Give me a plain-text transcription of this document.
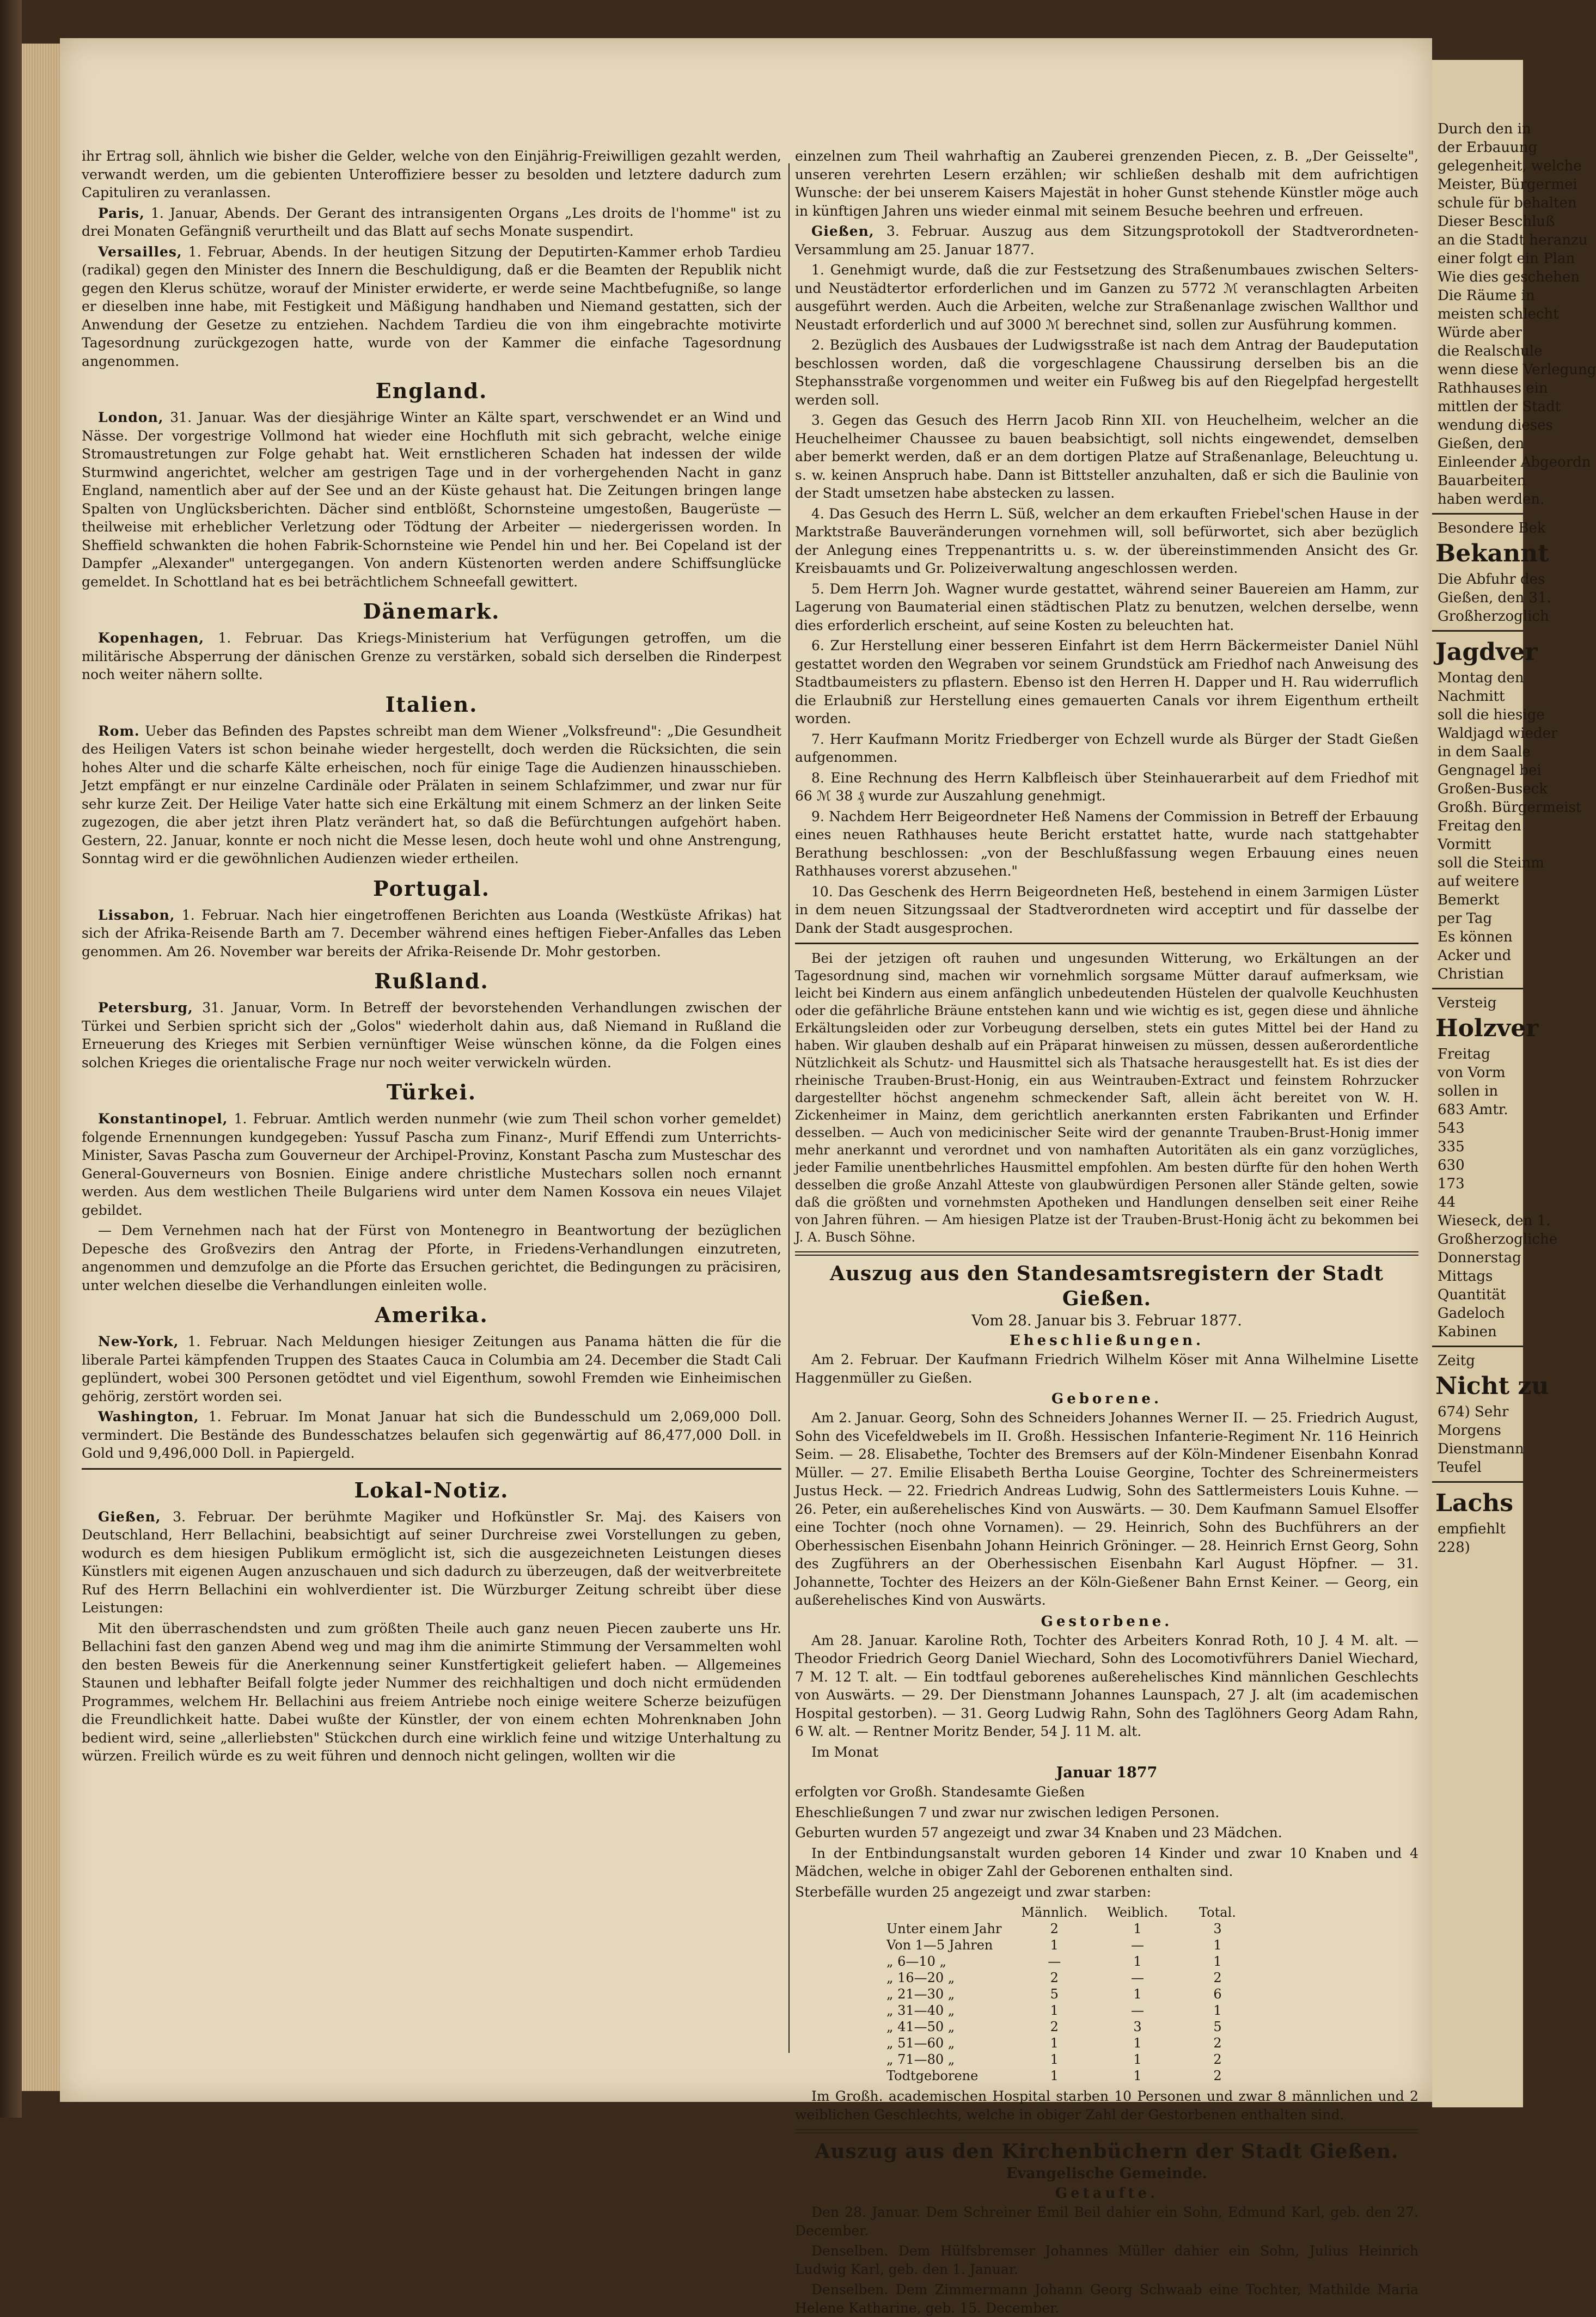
ihr Ertrag soll, ähnlich wie bisher die Gelder, welche von den Einjährig-Freiwilligen gezahlt werden, verwandt werden, um die gebienten Unteroffiziere besser zu besolden und letztere dadurch zum Capituliren zu veranlassen.

Paris, 1. Januar, Abends. Der Gerant des intransigenten Organs „Les droits de l'homme" ist zu drei Monaten Gefängniß verurtheilt und das Blatt auf sechs Monate suspendirt.

Versailles, 1. Februar, Abends. In der heutigen Sitzung der Deputirten-Kammer erhob Tardieu (radikal) gegen den Minister des Innern die Beschuldigung, daß er die Beamten der Republik nicht gegen den Klerus schütze, worauf der Minister erwiderte, er werde seine Machtbefugniße, so lange er dieselben inne habe, mit Festigkeit und Mäßigung handhaben und Niemand gestatten, sich der Anwendung der Gesetze zu entziehen. Nachdem Tardieu die von ihm eingebrachte motivirte Tagesordnung zurückgezogen hatte, wurde von der Kammer die einfache Tagesordnung angenommen.

England.

London, 31. Januar. Was der diesjährige Winter an Kälte spart, verschwendet er an Wind und Nässe. Der vorgestrige Vollmond hat wieder eine Hochfluth mit sich gebracht, welche einige Stromaustretungen zur Folge gehabt hat. Weit ernstlicheren Schaden hat indessen der wilde Sturmwind angerichtet, welcher am gestrigen Tage und in der vorhergehenden Nacht in ganz England, namentlich aber auf der See und an der Küste gehaust hat. Die Zeitungen bringen lange Spalten von Unglücksberichten. Dächer sind entblößt, Schornsteine umgestoßen, Baugerüste — theilweise mit erheblicher Verletzung oder Tödtung der Arbeiter — niedergerissen worden. In Sheffield schwankten die hohen Fabrik-Schornsteine wie Pendel hin und her. Bei Copeland ist der Dampfer „Alexander" untergegangen. Von andern Küstenorten werden andere Schiffsunglücke gemeldet. In Schottland hat es bei beträchtlichem Schneefall gewittert.

Dänemark.

Kopenhagen, 1. Februar. Das Kriegs-Ministerium hat Verfügungen getroffen, um die militärische Absperrung der dänischen Grenze zu verstärken, sobald sich derselben die Rinderpest noch weiter nähern sollte.

Italien.

Rom. Ueber das Befinden des Papstes schreibt man dem Wiener „Volksfreund": „Die Gesundheit des Heiligen Vaters ist schon beinahe wieder hergestellt, doch werden die Rücksichten, die sein hohes Alter und die scharfe Kälte erheischen, noch für einige Tage die Audienzen hinausschieben. Jetzt empfängt er nur einzelne Cardinäle oder Prälaten in seinem Schlafzimmer, und zwar nur für sehr kurze Zeit. Der Heilige Vater hatte sich eine Erkältung mit einem Schmerz an der linken Seite zugezogen, die aber jetzt ihren Platz verändert hat, so daß die Befürchtungen aufgehört haben. Gestern, 22. Januar, konnte er noch nicht die Messe lesen, doch heute wohl und ohne Anstrengung, Sonntag wird er die gewöhnlichen Audienzen wieder ertheilen.

Portugal.

Lissabon, 1. Februar. Nach hier eingetroffenen Berichten aus Loanda (Westküste Afrikas) hat sich der Afrika-Reisende Barth am 7. December während eines heftigen Fieber-Anfalles das Leben genommen. Am 26. November war bereits der Afrika-Reisende Dr. Mohr gestorben.

Rußland.

Petersburg, 31. Januar, Vorm. In Betreff der bevorstehenden Verhandlungen zwischen der Türkei und Serbien spricht sich der „Golos" wiederholt dahin aus, daß Niemand in Rußland die Erneuerung des Krieges mit Serbien vernünftiger Weise wünschen könne, da die Folgen eines solchen Krieges die orientalische Frage nur noch weiter verwickeln würden.

Türkei.

Konstantinopel, 1. Februar. Amtlich werden nunmehr (wie zum Theil schon vorher gemeldet) folgende Ernennungen kundgegeben: Yussuf Pascha zum Finanz-, Murif Effendi zum Unterrichts-Minister, Savas Pascha zum Gouverneur der Archipel-Provinz, Konstant Pascha zum Musteschar des General-Gouverneurs von Bosnien. Einige andere christliche Mustechars sollen noch ernannt werden. Aus dem westlichen Theile Bulgariens wird unter dem Namen Kossova ein neues Vilajet gebildet.

— Dem Vernehmen nach hat der Fürst von Montenegro in Beantwortung der bezüglichen Depesche des Großvezirs den Antrag der Pforte, in Friedens-Verhandlungen einzutreten, angenommen und demzufolge an die Pforte das Ersuchen gerichtet, die Bedingungen zu präcisiren, unter welchen dieselbe die Verhandlungen einleiten wolle.

Amerika.

New-York, 1. Februar. Nach Meldungen hiesiger Zeitungen aus Panama hätten die für die liberale Partei kämpfenden Truppen des Staates Cauca in Columbia am 24. December die Stadt Cali geplündert, wobei 300 Personen getödtet und viel Eigenthum, sowohl Fremden wie Einheimischen gehörig, zerstört worden sei.

Washington, 1. Februar. Im Monat Januar hat sich die Bundesschuld um 2,069,000 Doll. vermindert. Die Bestände des Bundesschatzes belaufen sich gegenwärtig auf 86,477,000 Doll. in Gold und 9,496,000 Doll. in Papiergeld.

Lokal-Notiz.

Gießen, 3. Februar. Der berühmte Magiker und Hofkünstler Sr. Maj. des Kaisers von Deutschland, Herr Bellachini, beabsichtigt auf seiner Durchreise zwei Vorstellungen zu geben, wodurch es dem hiesigen Publikum ermöglicht ist, sich die ausgezeichneten Leistungen dieses Künstlers mit eigenen Augen anzuschauen und sich dadurch zu überzeugen, daß der weitverbreitete Ruf des Herrn Bellachini ein wohlverdienter ist. Die Würzburger Zeitung schreibt über diese Leistungen:

Mit den überraschendsten und zum größten Theile auch ganz neuen Piecen zauberte uns Hr. Bellachini fast den ganzen Abend weg und mag ihm die animirte Stimmung der Versammelten wohl den besten Beweis für die Anerkennung seiner Kunstfertigkeit geliefert haben. — Allgemeines Staunen und lebhafter Beifall folgte jeder Nummer des reichhaltigen und doch nicht ermüdenden Programmes, welchem Hr. Bellachini aus freiem Antriebe noch einige weitere Scherze beizufügen die Freundlichkeit hatte. Dabei wußte der Künstler, der von einem echten Mohrenknaben John bedient wird, seine „allerliebsten" Stückchen durch eine wirklich feine und witzige Unterhaltung zu würzen. Freilich würde es zu weit führen und dennoch nicht gelingen, wollten wir die

einzelnen zum Theil wahrhaftig an Zauberei grenzenden Piecen, z. B. „Der Geisselte", unseren verehrten Lesern erzählen; wir schließen deshalb mit dem aufrichtigen Wunsche: der bei unserem Kaisers Majestät in hoher Gunst stehende Künstler möge auch in künftigen Jahren uns wieder einmal mit seinem Besuche beehren und erfreuen.

Gießen, 3. Februar. Auszug aus dem Sitzungsprotokoll der Stadtverordneten-Versammlung am 25. Januar 1877.

1. Genehmigt wurde, daß die zur Festsetzung des Straßenumbaues zwischen Selters- und Neustädtertor erforderlichen und im Ganzen zu 5772 ℳ veranschlagten Arbeiten ausgeführt werden. Auch die Arbeiten, welche zur Straßenanlage zwischen Wallthor und Neustadt erforderlich und auf 3000 ℳ berechnet sind, sollen zur Ausführung kommen.

2. Bezüglich des Ausbaues der Ludwigsstraße ist nach dem Antrag der Baudeputation beschlossen worden, daß die vorgeschlagene Chaussirung derselben bis an die Stephansstraße vorgenommen und weiter ein Fußweg bis auf den Riegelpfad hergestellt werden soll.

3. Gegen das Gesuch des Herrn Jacob Rinn XII. von Heuchelheim, welcher an die Heuchelheimer Chaussee zu bauen beabsichtigt, soll nichts eingewendet, demselben aber bemerkt werden, daß er an dem dortigen Platze auf Straßenanlage, Beleuchtung u. s. w. keinen Anspruch habe. Dann ist Bittsteller anzuhalten, daß er sich die Baulinie von der Stadt umsetzen habe abstecken zu lassen.

4. Das Gesuch des Herrn L. Süß, welcher an dem erkauften Friebel'schen Hause in der Marktstraße Bauveränderungen vornehmen will, soll befürwortet, sich aber bezüglich der Anlegung eines Treppenantritts u. s. w. der übereinstimmenden Ansicht des Gr. Kreisbauamts und Gr. Polizeiverwaltung angeschlossen werden.

5. Dem Herrn Joh. Wagner wurde gestattet, während seiner Bauereien am Hamm, zur Lagerung von Baumaterial einen städtischen Platz zu benutzen, welchen derselbe, wenn dies erforderlich erscheint, auf seine Kosten zu beleuchten hat.

6. Zur Herstellung einer besseren Einfahrt ist dem Herrn Bäckermeister Daniel Nühl gestattet worden den Wegraben vor seinem Grundstück am Friedhof nach Anweisung des Stadtbaumeisters zu pflastern. Ebenso ist den Herren H. Dapper und H. Rau widerruflich die Erlaubniß zur Herstellung eines gemauerten Canals vor ihrem Eigenthum ertheilt worden.

7. Herr Kaufmann Moritz Friedberger von Echzell wurde als Bürger der Stadt Gießen aufgenommen.

8. Eine Rechnung des Herrn Kalbfleisch über Steinhauerarbeit auf dem Friedhof mit 66 ℳ 38 ₰ wurde zur Auszahlung genehmigt.

9. Nachdem Herr Beigeordneter Heß Namens der Commission in Betreff der Erbauung eines neuen Rathhauses heute Bericht erstattet hatte, wurde nach stattgehabter Berathung beschlossen: „von der Beschlußfassung wegen Erbauung eines neuen Rathhauses vorerst abzusehen."

10. Das Geschenk des Herrn Beigeordneten Heß, bestehend in einem 3armigen Lüster in dem neuen Sitzungssaal der Stadtverordneten wird acceptirt und für dasselbe der Dank der Stadt ausgesprochen.

Bei der jetzigen oft rauhen und ungesunden Witterung, wo Erkältungen an der Tagesordnung sind, machen wir vornehmlich sorgsame Mütter darauf aufmerksam, wie leicht bei Kindern aus einem anfänglich unbedeutenden Hüstelen der qualvolle Keuchhusten oder die gefährliche Bräune entstehen kann und wie wichtig es ist, gegen diese und ähnliche Erkältungsleiden oder zur Vorbeugung derselben, stets ein gutes Mittel bei der Hand zu haben. Wir glauben deshalb auf ein Präparat hinweisen zu müssen, dessen außerordentliche Nützlichkeit als Schutz- und Hausmittel sich als Thatsache herausgestellt hat. Es ist dies der rheinische Trauben-Brust-Honig, ein aus Weintrauben-Extract und feinstem Rohrzucker dargestellter höchst angenehm schmeckender Saft, allein ächt bereitet von W. H. Zickenheimer in Mainz, dem gerichtlich anerkannten ersten Fabrikanten und Erfinder desselben. — Auch von medicinischer Seite wird der genannte Trauben-Brust-Honig immer mehr anerkannt und verordnet und von namhaften Autoritäten als ein ganz vorzügliches, jeder Familie unentbehrliches Hausmittel empfohlen. Am besten dürfte für den hohen Werth desselben die große Anzahl Atteste von glaubwürdigen Personen aller Stände gelten, sowie daß die größten und vornehmsten Apotheken und Handlungen denselben seit einer Reihe von Jahren führen. — Am hiesigen Platze ist der Trauben-Brust-Honig ächt zu bekommen bei J. A. Busch Söhne.

Auszug aus den Standesamtsregistern der Stadt Gießen.
Vom 28. Januar bis 3. Februar 1877.
Eheschließungen.

Am 2. Februar. Der Kaufmann Friedrich Wilhelm Köser mit Anna Wilhelmine Lisette Haggenmüller zu Gießen.

Geborene.

Am 2. Januar. Georg, Sohn des Schneiders Johannes Werner II. — 25. Friedrich August, Sohn des Vicefeldwebels im II. Großh. Hessischen Infanterie-Regiment Nr. 116 Heinrich Seim. — 28. Elisabethe, Tochter des Bremsers auf der Köln-Mindener Eisenbahn Konrad Müller. — 27. Emilie Elisabeth Bertha Louise Georgine, Tochter des Schreinermeisters Justus Heck. — 22. Friedrich Andreas Ludwig, Sohn des Sattlermeisters Louis Kuhne. — 26. Peter, ein außerehelisches Kind von Auswärts. — 30. Dem Kaufmann Samuel Elsoffer eine Tochter (noch ohne Vornamen). — 29. Heinrich, Sohn des Buchführers an der Oberhessischen Eisenbahn Johann Heinrich Gröninger. — 28. Heinrich Ernst Georg, Sohn des Zugführers an der Oberhessischen Eisenbahn Karl August Höpfner. — 31. Johannette, Tochter des Heizers an der Köln-Gießener Bahn Ernst Keiner. — Georg, ein außerehelisches Kind von Auswärts.

Gestorbene.

Am 28. Januar. Karoline Roth, Tochter des Arbeiters Konrad Roth, 10 J. 4 M. alt. — Theodor Friedrich Georg Daniel Wiechard, Sohn des Locomotivführers Daniel Wiechard, 7 M. 12 T. alt. — Ein todtfaul geborenes außerehelisches Kind männlichen Geschlechts von Auswärts. — 29. Der Dienstmann Johannes Launspach, 27 J. alt (im academischen Hospital gestorben). — 31. Georg Ludwig Rahn, Sohn des Taglöhners Georg Adam Rahn, 6 W. alt. — Rentner Moritz Bender, 54 J. 11 M. alt.

Im Monat

Januar 1877

erfolgten vor Großh. Standesamte Gießen

Eheschließungen 7 und zwar nur zwischen ledigen Personen.

Geburten wurden 57 angezeigt und zwar 34 Knaben und 23 Mädchen.

In der Entbindungsanstalt wurden geboren 14 Kinder und zwar 10 Knaben und 4 Mädchen, welche in obiger Zahl der Geborenen enthalten sind.

Sterbefälle wurden 25 angezeigt und zwar starben:

	Männlich.	Weiblich.	Total.
Unter einem Jahr	2	1	3
Von 1—5 Jahren	1	—	1
„ 6—10 „	—	1	1
„ 16—20 „	2	—	2
„ 21—30 „	5	1	6
„ 31—40 „	1	—	1
„ 41—50 „	2	3	5
„ 51—60 „	1	1	2
„ 71—80 „	1	1	2
Todtgeborene	1	1	2

Im Großh. academischen Hospital starben 10 Personen und zwar 8 männlichen und 2 weiblichen Geschlechts, welche in obiger Zahl der Gestorbenen enthalten sind.

Auszug aus den Kirchenbüchern der Stadt Gießen.
Evangelische Gemeinde.
Getaufte.

Den 28. Januar. Dem Schreiner Emil Beil dahier ein Sohn, Edmund Karl, geb. den 27. December.

Denselben. Dem Hülfsbremser Johannes Müller dahier ein Sohn, Julius Heinrich Ludwig Karl, geb. den 1. Januar.

Denselben. Dem Zimmermann Johann Georg Schwaab eine Tochter, Mathilde Maria Helene Katharine, geb. 15. December.

Durch den in
der Erbauung
gelegenheit, welche
Meister, Bürgermei
schule für behalten
Dieser Beschluß
an die Stadt heranzu
einer folgt ein Plan
Wie dies geschehen
Die Räume in
meisten schlecht
Würde aber
die Realschule
wenn diese Verlegung
Rathhauses ein
mittlen der Stadt
wendung dieses
Gießen, den
Einleender Abgeordn
Bauarbeiten
haben werden.
Besondere Bek
Bekannt
Die Abfuhr des
Gießen, den 31.
Großherzoglich
Jagdver
Montag den
Nachmitt
soll die hiesige
Waldjagd wieder
in dem Saale
Gengnagel bei
Großen-Buseck
Großh. Bürgermeist
Freitag den
Vormitt
soll die Steinm
auf weitere
Bemerkt
per Tag
Es können
Acker und
Christian
Versteig
Holzver
Freitag
von Vorm
sollen in
683 Amtr.
543
335
630
173
44
Wieseck, den 1.
Großherzogliche
Donnerstag
Mittags
Quantität
Gadeloch
Kabinen
Zeitg
Nicht zu
674) Sehr
Morgens
Dienstmann
Teufel
Lachs
empfiehlt
228)
